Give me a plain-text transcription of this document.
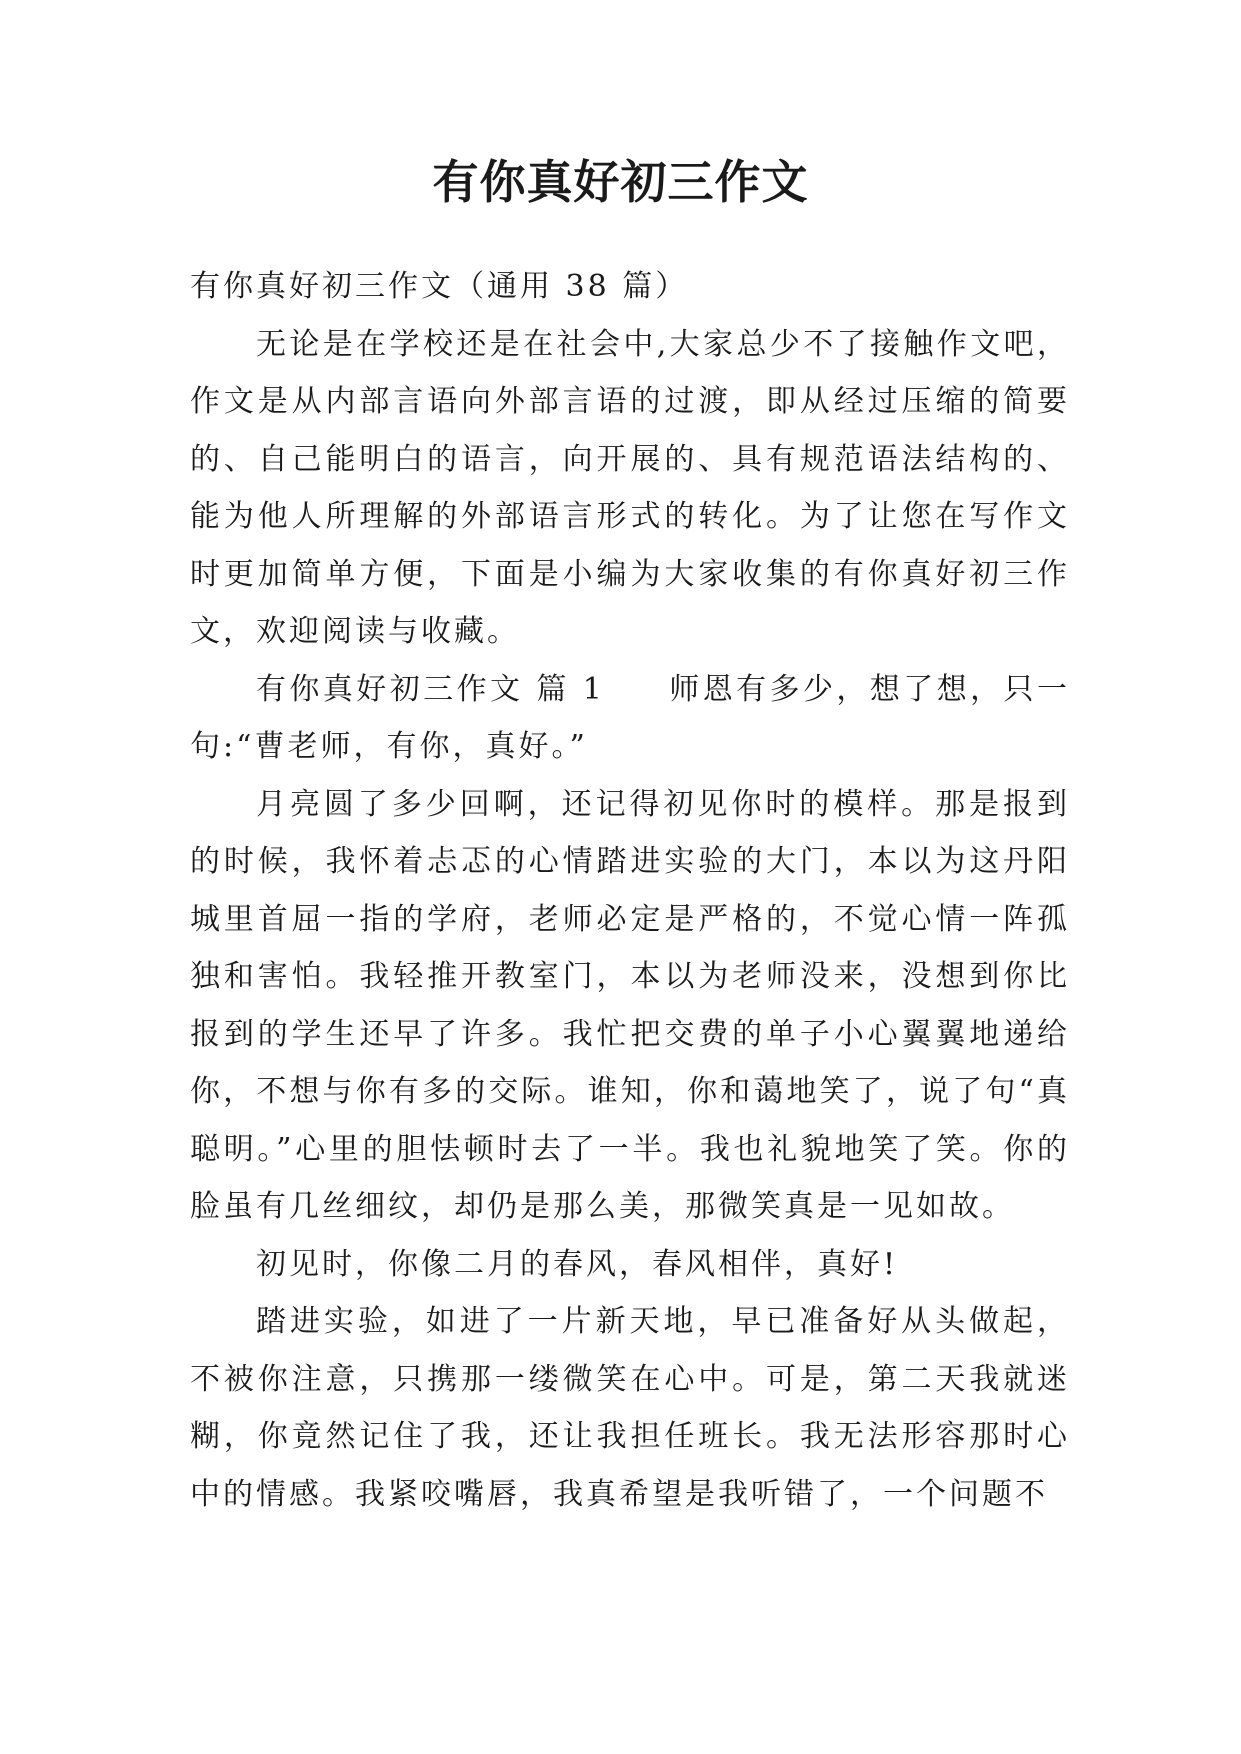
有你真好初三作文

有你真好初三作文（通用 38 篇）

无论是在学校还是在社会中,大家总少不了接触作文吧，作文是从内部言语向外部言语的过渡，即从经过压缩的简要的、自己能明白的语言，向开展的、具有规范语法结构的、能为他人所理解的外部语言形式的转化。为了让您在写作文时更加简单方便，下面是小编为大家收集的有你真好初三作文，欢迎阅读与收藏。

有你真好初三作文 篇 1 师恩有多少，想了想，只一句:“曹老师，有你，真好。”

月亮圆了多少回啊，还记得初见你时的模样。那是报到的时候，我怀着忐忑的心情踏进实验的大门，本以为这丹阳城里首屈一指的学府，老师必定是严格的，不觉心情一阵孤独和害怕。我轻推开教室门，本以为老师没来，没想到你比报到的学生还早了许多。我忙把交费的单子小心翼翼地递给你，不想与你有多的交际。谁知，你和蔼地笑了，说了句“真聪明。”心里的胆怯顿时去了一半。我也礼貌地笑了笑。你的脸虽有几丝细纹，却仍是那么美，那微笑真是一见如故。

初见时，你像二月的春风，春风相伴，真好!

踏进实验，如进了一片新天地，早已准备好从头做起，不被你注意，只携那一缕微笑在心中。可是，第二天我就迷糊，你竟然记住了我，还让我担任班长。我无法形容那时心中的情感。我紧咬嘴唇，我真希望是我听错了，一个问题不
